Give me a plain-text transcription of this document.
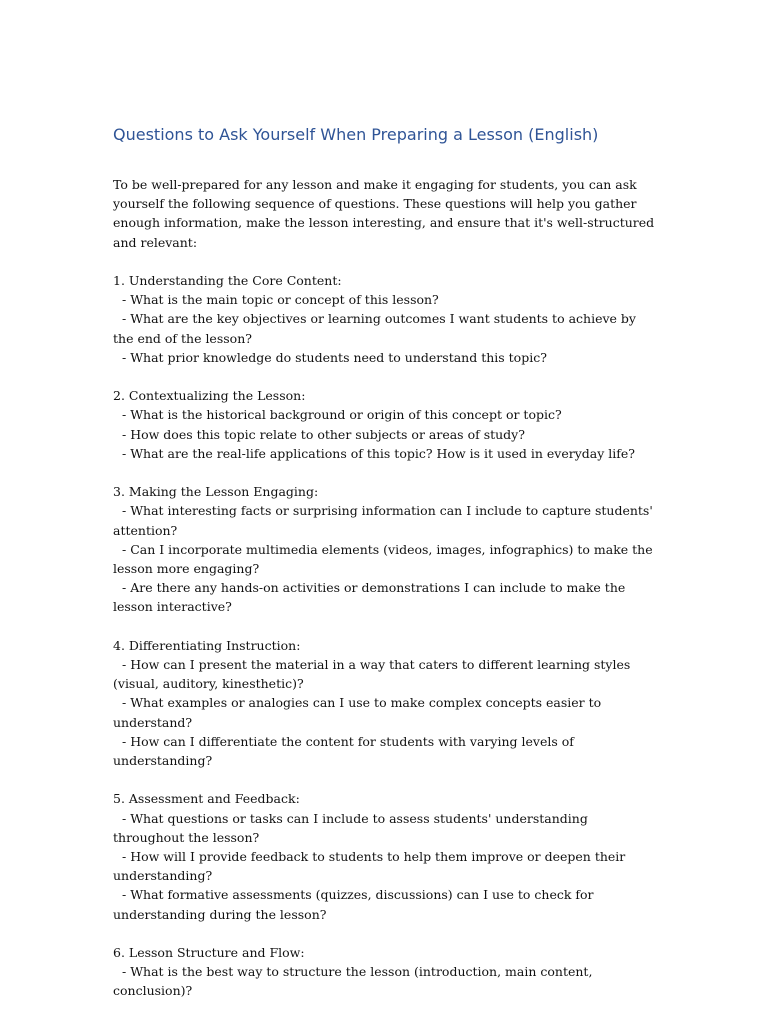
Questions to Ask Yourself When Preparing a Lesson (English)

To be well-prepared for any lesson and make it engaging for students, you can ask yourself the following sequence of questions. These questions will help you gather enough information, make the lesson interesting, and ensure that it's well-structured and relevant:

1. Understanding the Core Content:

- What is the main topic or concept of this lesson?

- What are the key objectives or learning outcomes I want students to achieve by the end of the lesson?

- What prior knowledge do students need to understand this topic?

2. Contextualizing the Lesson:

- What is the historical background or origin of this concept or topic?

- How does this topic relate to other subjects or areas of study?

- What are the real-life applications of this topic? How is it used in everyday life?

3. Making the Lesson Engaging:

- What interesting facts or surprising information can I include to capture students' attention?

- Can I incorporate multimedia elements (videos, images, infographics) to make the lesson more engaging?

- Are there any hands-on activities or demonstrations I can include to make the lesson interactive?

4. Differentiating Instruction:

- How can I present the material in a way that caters to different learning styles (visual, auditory, kinesthetic)?

- What examples or analogies can I use to make complex concepts easier to understand?

- How can I differentiate the content for students with varying levels of understanding?

5. Assessment and Feedback:

- What questions or tasks can I include to assess students' understanding throughout the lesson?

- How will I provide feedback to students to help them improve or deepen their understanding?

- What formative assessments (quizzes, discussions) can I use to check for understanding during the lesson?

6. Lesson Structure and Flow:

- What is the best way to structure the lesson (introduction, main content, conclusion)?
